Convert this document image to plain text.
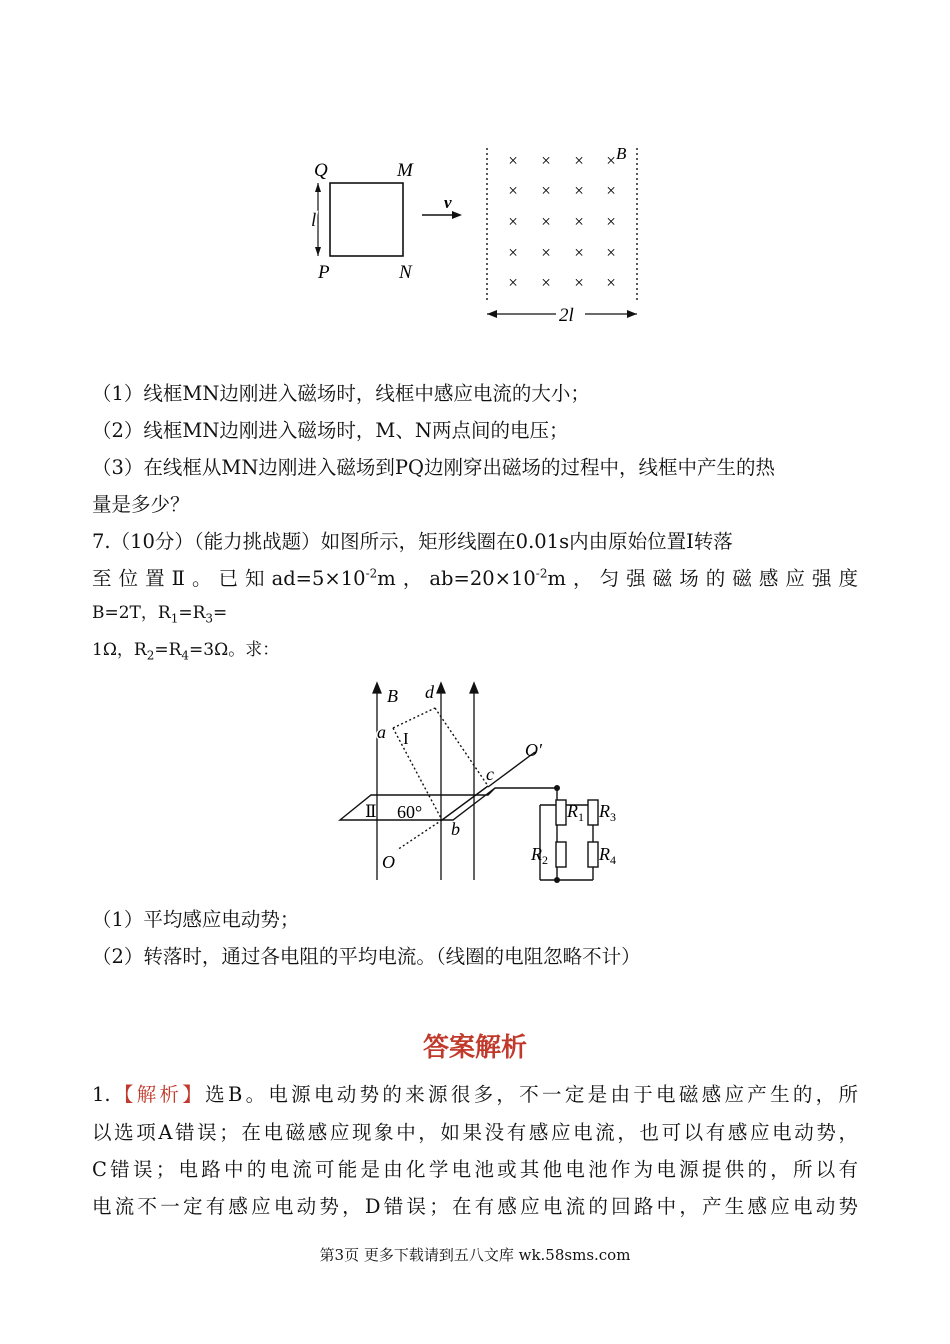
Q	M
P	N
l
v
× × × ×
× × × ×
× × × ×
× × × ×
× × × ×
B
2l
（1）线框MN边刚进入磁场时，线框中感应电流的大小；
（2）线框MN边刚进入磁场时，M、N两点间的电压；
（3）在线框从MN边刚进入磁场到PQ边刚穿出磁场的过程中，线框中产生的热
量是多少？
7.（10分）（能力挑战题）如图所示，矩形线圈在0.01s内由原始位置Ⅰ转落
至位置Ⅱ。已知$ad=5\times 10^{-2}m$，$ab=20\times 10^{-2}m$，匀强磁场的磁感应强度
B=2T，$R_1=R_3=$
1Ω，$R_2=R_4=3\Omega$。求：
B d
a I
O′
c
Ⅱ 60°
b
O
$R_1$ $R_3$
$R_2$	$R_4$
（1）平均感应电动势；
（2）转落时，通过各电阻的平均电流。（线圈的电阻忽略不计）
答案解析
1.【解析】选B。电源电动势的来源很多，不一定是由于电磁感应产生的，所
以选项A错误；在电磁感应现象中，如果没有感应电流，也可以有感应电动势，
C错误；电路中的电流可能是由化学电池或其他电池作为电源提供的，所以有
电流不一定有感应电动势，D错误；在有感应电流的回路中，产生感应电动势
第3页 更多下载请到五八文库 wk.58sms.com
